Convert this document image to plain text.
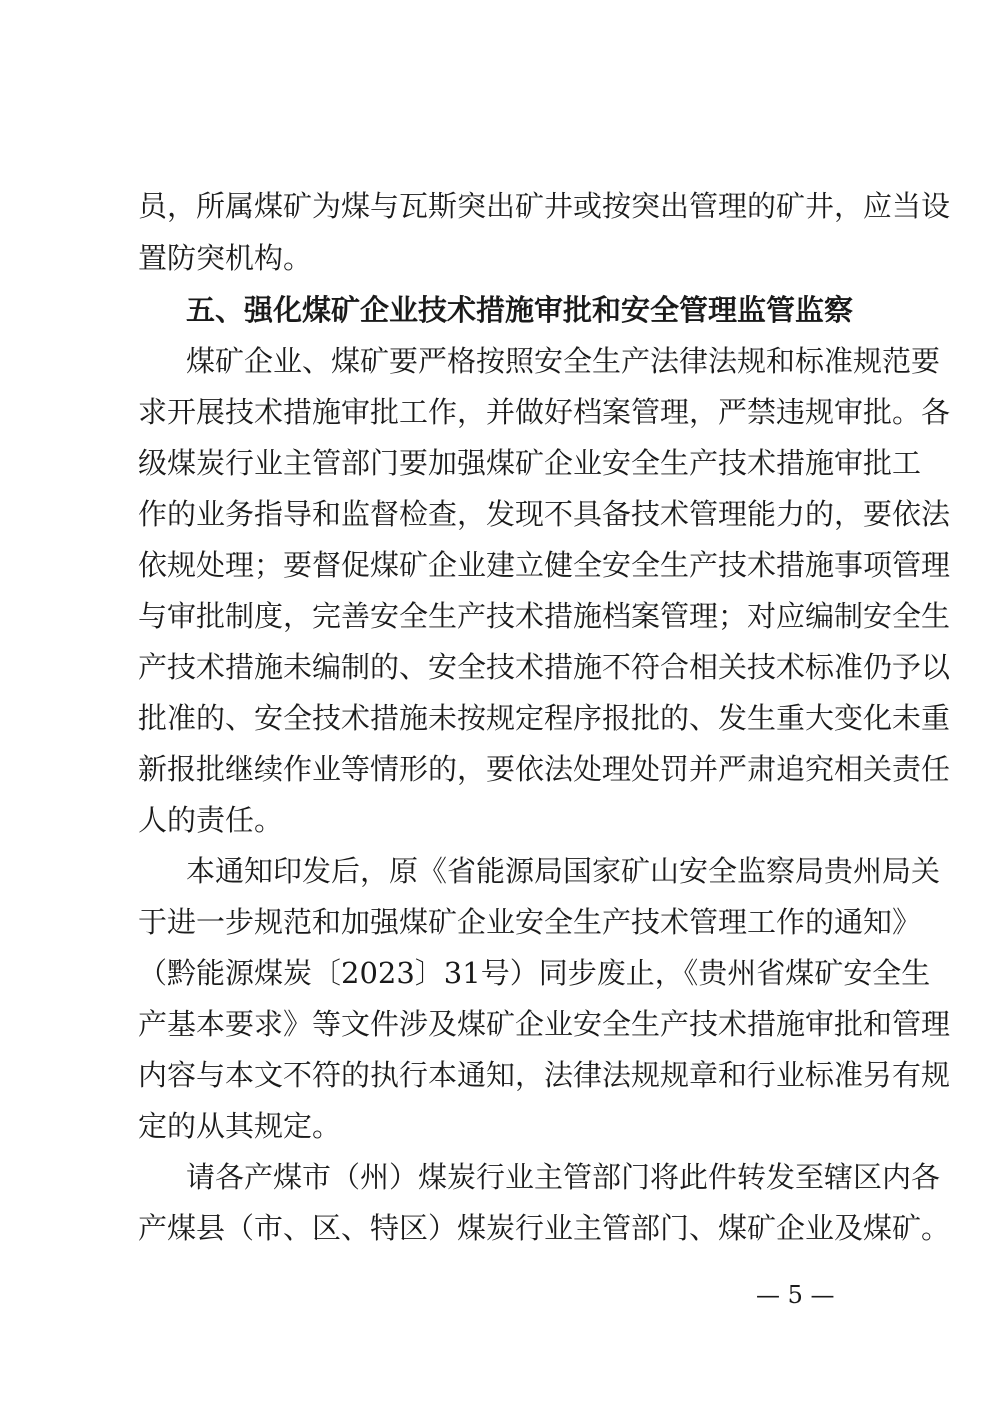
员，所属煤矿为煤与瓦斯突出矿井或按突出管理的矿井，应当设
置防突机构。
五、强化煤矿企业技术措施审批和安全管理监管监察
煤矿企业、煤矿要严格按照安全生产法律法规和标准规范要
求开展技术措施审批工作，并做好档案管理，严禁违规审批。各
级煤炭行业主管部门要加强煤矿企业安全生产技术措施审批工
作的业务指导和监督检查，发现不具备技术管理能力的，要依法
依规处理；要督促煤矿企业建立健全安全生产技术措施事项管理
与审批制度，完善安全生产技术措施档案管理；对应编制安全生
产技术措施未编制的、安全技术措施不符合相关技术标准仍予以
批准的、安全技术措施未按规定程序报批的、发生重大变化未重
新报批继续作业等情形的，要依法处理处罚并严肃追究相关责任
人的责任。
本通知印发后，原《省能源局国家矿山安全监察局贵州局关
于进一步规范和加强煤矿企业安全生产技术管理工作的通知》
（黔能源煤炭〔2023〕31号）同步废止，《贵州省煤矿安全生
产基本要求》等文件涉及煤矿企业安全生产技术措施审批和管理
内容与本文不符的执行本通知，法律法规规章和行业标准另有规
定的从其规定。
请各产煤市（州）煤炭行业主管部门将此件转发至辖区内各
产煤县（市、区、特区）煤炭行业主管部门、煤矿企业及煤矿。
— 5 —
